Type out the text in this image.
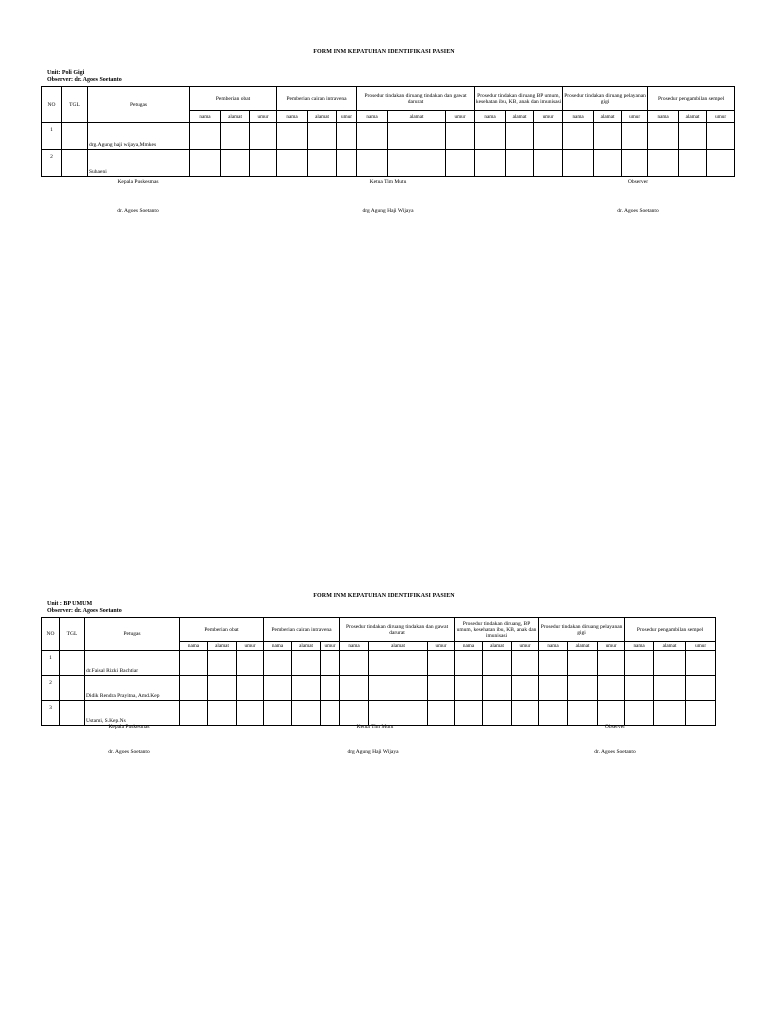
FORM INM KEPATUHAN IDENTIFIKASI PASIEN
Unit: Poli Gigi
Observer: dr. Agoes Soetanto
NO	TGL	Petugas	Pemberian obat			Pemberian cairan intravena			Prosedur tindakan diruang tindakan dan gawat darurat			Prosedur tindakan diruang BP umum, kesehatan ibu, KB, anak dan imunisasi			Prosedur tindakan diruang pelayanan gigi			Prosedur pengambilan sempel		
			nama	alamat	umur	nama	alamat	umur	nama	alamat	umur	nama	alamat	umur	nama	alamat	umur	nama	alamat	umur
1		drg.Agung haji wijaya,Mmkes																		
2		Suhaeni																		
Kepala Puskesmas	Ketua Tim Mutu	Observer
dr. Agoes Soetanto	drg Agung Haji Wijaya	dr. Agoes Soetanto
FORM INM KEPATUHAN IDENTIFIKASI PASIEN
Unit : BP UMUM
Observer: dr. Agoes Soetanto
NO	TGL	Petugas	Pemberian obat			Pemberian cairan intravena			Prosedur tindakan diruang tindakan dan gawat darurat			Prosedur tindakan diruang, BP umum, kesehatan ibu, KB, anak dan imunisasi			Prosedur tindakan diruang pelayanan gigi			Prosedur pengambilan sempel		
			nama	alamat	umur	nama	alamat	umur	nama	alamat	umur	nama	alamat	umur	nama	alamat	umur	nama	alamat	umur
1		dr.Faisal Rizki Bachtiar																		
2		Didik Rendra Prayitna, Amd.Kep																		
3		Ustami, S.Kep.Ns																		
Kepala Puskesmas	Ketua Tim Mutu	Observer
dr. Agoes Soetanto	drg Agung Haji Wijaya	dr. Agoes Soetanto
